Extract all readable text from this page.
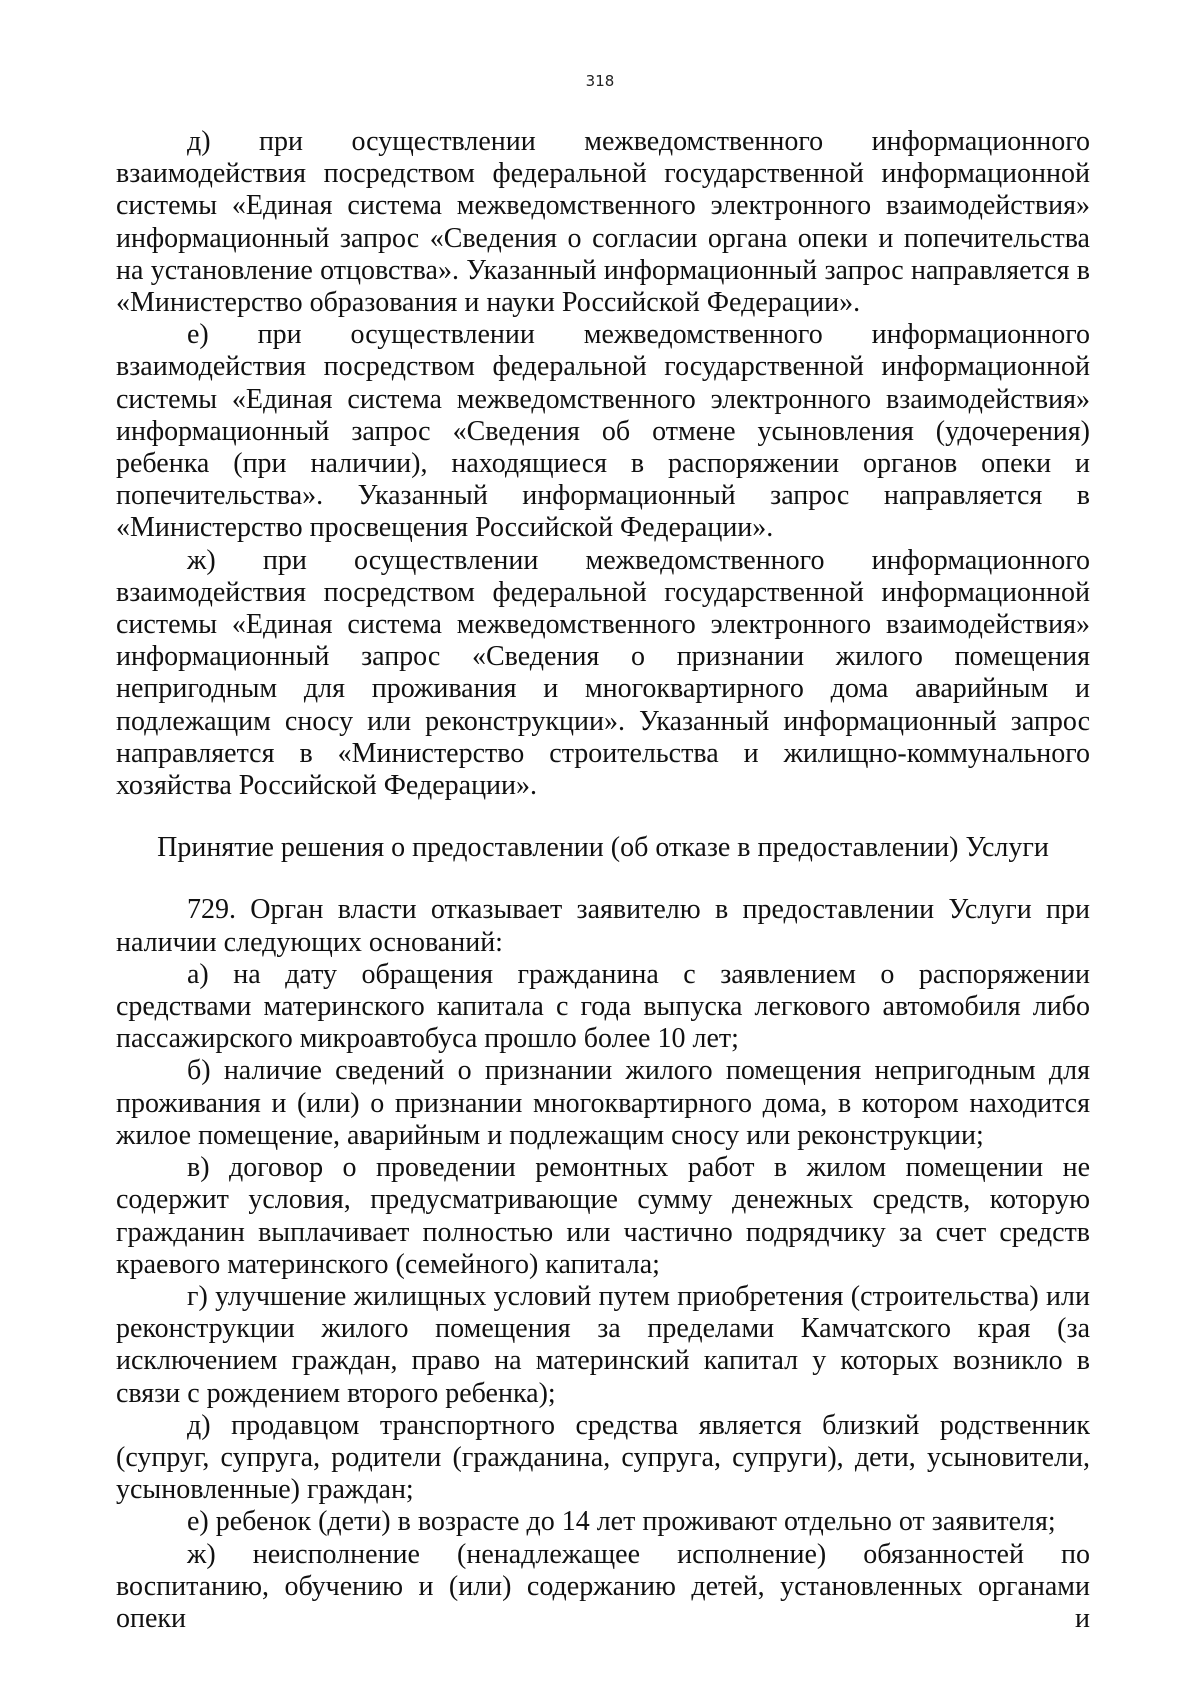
318

д) при осуществлении межведомственного информационного взаимодействия посредством федеральной государственной информационной системы «Единая система межведомственного электронного взаимодействия» информационный запрос «Сведения о согласии органа опеки и попечительства на установление отцовства». Указанный информационный запрос направляется в «Министерство образования и науки Российской Федерации».

е) при осуществлении межведомственного информационного взаимодействия посредством федеральной государственной информационной системы «Единая система межведомственного электронного взаимодействия» информационный запрос «Сведения об отмене усыновления (удочерения) ребенка (при наличии), находящиеся в распоряжении органов опеки и попечительства». Указанный информационный запрос направляется в «Министерство просвещения Российской Федерации».

ж) при осуществлении межведомственного информационного взаимодействия посредством федеральной государственной информационной системы «Единая система межведомственного электронного взаимодействия» информационный запрос «Сведения о признании жилого помещения непригодным для проживания и многоквартирного дома аварийным и подлежащим сносу или реконструкции». Указанный информационный запрос направляется в «Министерство строительства и жилищно-коммунального хозяйства Российской Федерации».

Принятие решения о предоставлении (об отказе в предоставлении) Услуги

729. Орган власти отказывает заявителю в предоставлении Услуги при наличии следующих оснований:

а) на дату обращения гражданина с заявлением о распоряжении средствами материнского капитала с года выпуска легкового автомобиля либо пассажирского микроавтобуса прошло более 10 лет;

б) наличие сведений о признании жилого помещения непригодным для проживания и (или) о признании многоквартирного дома, в котором находится жилое помещение, аварийным и подлежащим сносу или реконструкции;

в) договор о проведении ремонтных работ в жилом помещении не содержит условия, предусматривающие сумму денежных средств, которую гражданин выплачивает полностью или частично подрядчику за счет средств краевого материнского (семейного) капитала;

г) улучшение жилищных условий путем приобретения (строительства) или реконструкции жилого помещения за пределами Камчатского края (за исключением граждан, право на материнский капитал у которых возникло в связи с рождением второго ребенка);

д) продавцом транспортного средства является близкий родственник (супруг, супруга, родители (гражданина, супруга, супруги), дети, усыновители, усыновленные) граждан;

е) ребенок (дети) в возрасте до 14 лет проживают отдельно от заявителя;

ж) неисполнение (ненадлежащее исполнение) обязанностей по воспитанию, обучению и (или) содержанию детей, установленных органами опеки и
